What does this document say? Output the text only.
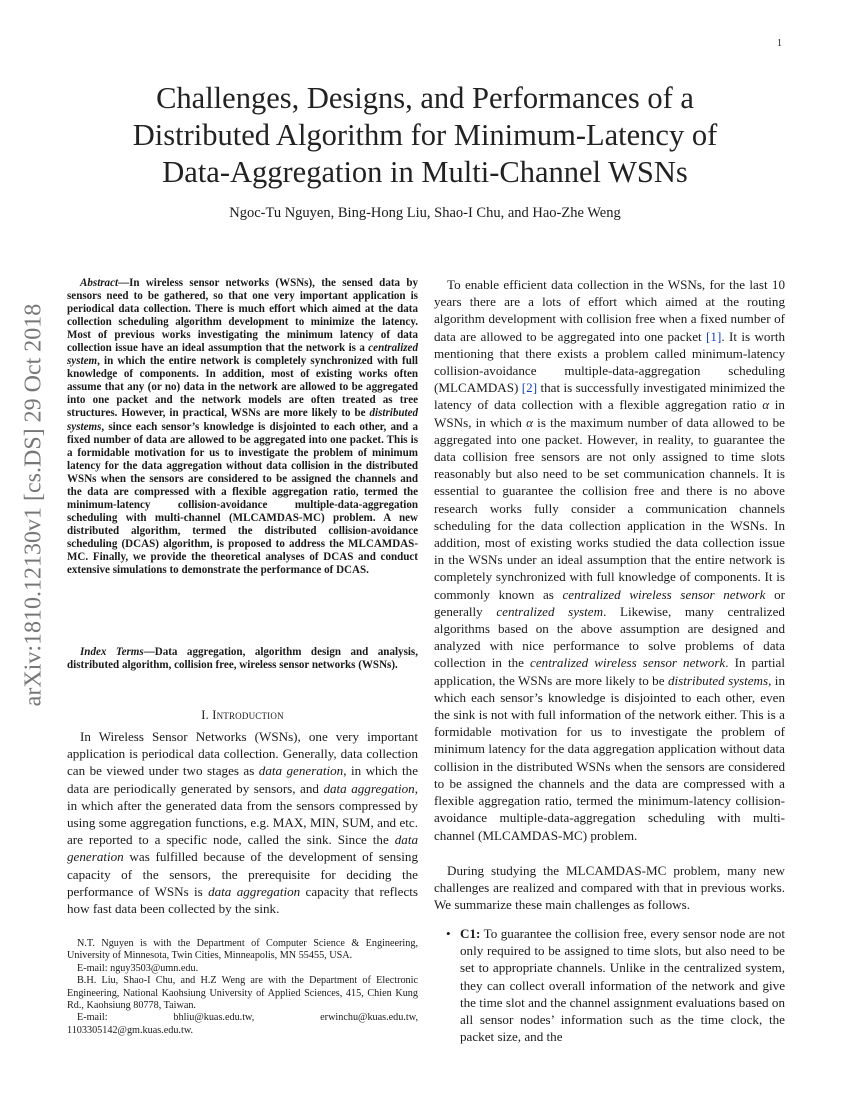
1
Challenges, Designs, and Performances of a
Distributed Algorithm for Minimum-Latency of
Data-Aggregation in Multi-Channel WSNs
Ngoc-Tu Nguyen, Bing-Hong Liu, Shao-I Chu, and Hao-Zhe Weng
arXiv:1810.12130v1 [cs.DS] 29 Oct 2018

Abstract—In wireless sensor networks (WSNs), the sensed data by sensors need to be gathered, so that one very important application is periodical data collection. There is much effort which aimed at the data collection scheduling algorithm development to minimize the latency. Most of previous works investigating the minimum latency of data collection issue have an ideal assumption that the network is a centralized system, in which the entire network is completely synchronized with full knowledge of components. In addition, most of existing works often assume that any (or no) data in the network are allowed to be aggregated into one packet and the network models are often treated as tree structures. However, in practical, WSNs are more likely to be distributed systems, since each sensor’s knowledge is disjointed to each other, and a fixed number of data are allowed to be aggregated into one packet. This is a formidable motivation for us to investigate the problem of minimum latency for the data aggregation without data collision in the distributed WSNs when the sensors are considered to be assigned the channels and the data are compressed with a flexible aggregation ratio, termed the minimum-latency collision-avoidance multiple-data-aggregation scheduling with multi-channel (MLCAMDAS-MC) problem. A new distributed algorithm, termed the distributed collision-avoidance scheduling (DCAS) algorithm, is proposed to address the MLCAMDAS-MC. Finally, we provide the theoretical analyses of DCAS and conduct extensive simulations to demonstrate the performance of DCAS.

Index Terms—Data aggregation, algorithm design and analysis, distributed algorithm, collision free, wireless sensor networks (WSNs).

I. Introduction

In Wireless Sensor Networks (WSNs), one very important application is periodical data collection. Generally, data collection can be viewed under two stages as data generation, in which the data are periodically generated by sensors, and data aggregation, in which after the generated data from the sensors compressed by using some aggregation functions, e.g. MAX, MIN, SUM, and etc. are reported to a specific node, called the sink. Since the data generation was fulfilled because of the development of sensing capacity of the sensors, the prerequisite for deciding the performance of WSNs is data aggregation capacity that reflects how fast data been collected by the sink.

N.T. Nguyen is with the Department of Computer Science & Engineering, University of Minnesota, Twin Cities, Minneapolis, MN 55455, USA.

E-mail: nguy3503@umn.edu.

B.H. Liu, Shao-I Chu, and H.Z Weng are with the Department of Electronic Engineering, National Kaohsiung University of Applied Sciences, 415, Chien Kung Rd., Kaohsiung 80778, Taiwan.

E-mail:	bhliu@kuas.edu.tw,	erwinchu@kuas.edu.tw,

1103305142@gm.kuas.edu.tw.

To enable efficient data collection in the WSNs, for the last 10 years there are a lots of effort which aimed at the routing algorithm development with collision free when a fixed number of data are allowed to be aggregated into one packet [1]. It is worth mentioning that there exists a problem called minimum-latency collision-avoidance multiple-data-aggregation scheduling (MLCAMDAS) [2] that is successfully investigated minimized the latency of data collection with a flexible aggregation ratio α in WSNs, in which α is the maximum number of data allowed to be aggregated into one packet. However, in reality, to guarantee the data collision free sensors are not only assigned to time slots reasonably but also need to be set communication channels. It is essential to guarantee the collision free and there is no above research works fully consider a communication channels scheduling for the data collection application in the WSNs. In addition, most of existing works studied the data collection issue in the WSNs under an ideal assumption that the entire network is completely synchronized with full knowledge of components. It is commonly known as centralized wireless sensor network or generally centralized system. Likewise, many centralized algorithms based on the above assumption are designed and analyzed with nice performance to solve problems of data collection in the centralized wireless sensor network. In partial application, the WSNs are more likely to be distributed systems, in which each sensor’s knowledge is disjointed to each other, even the sink is not with full information of the network either. This is a formidable motivation for us to investigate the problem of minimum latency for the data aggregation application without data collision in the distributed WSNs when the sensors are considered to be assigned the channels and the data are compressed with a flexible aggregation ratio, termed the minimum-latency collision-avoidance multiple-data-aggregation scheduling with multi-channel (MLCAMDAS-MC) problem.

During studying the MLCAMDAS-MC problem, many new challenges are realized and compared with that in previous works. We summarize these main challenges as follows.

• C1: To guarantee the collision free, every sensor node are not only required to be assigned to time slots, but also need to be set to appropriate channels. Unlike in the centralized system, they can collect overall information of the network and give the time slot and the channel assignment evaluations based on all sensor nodes’ information such as the time clock, the packet size, and the
